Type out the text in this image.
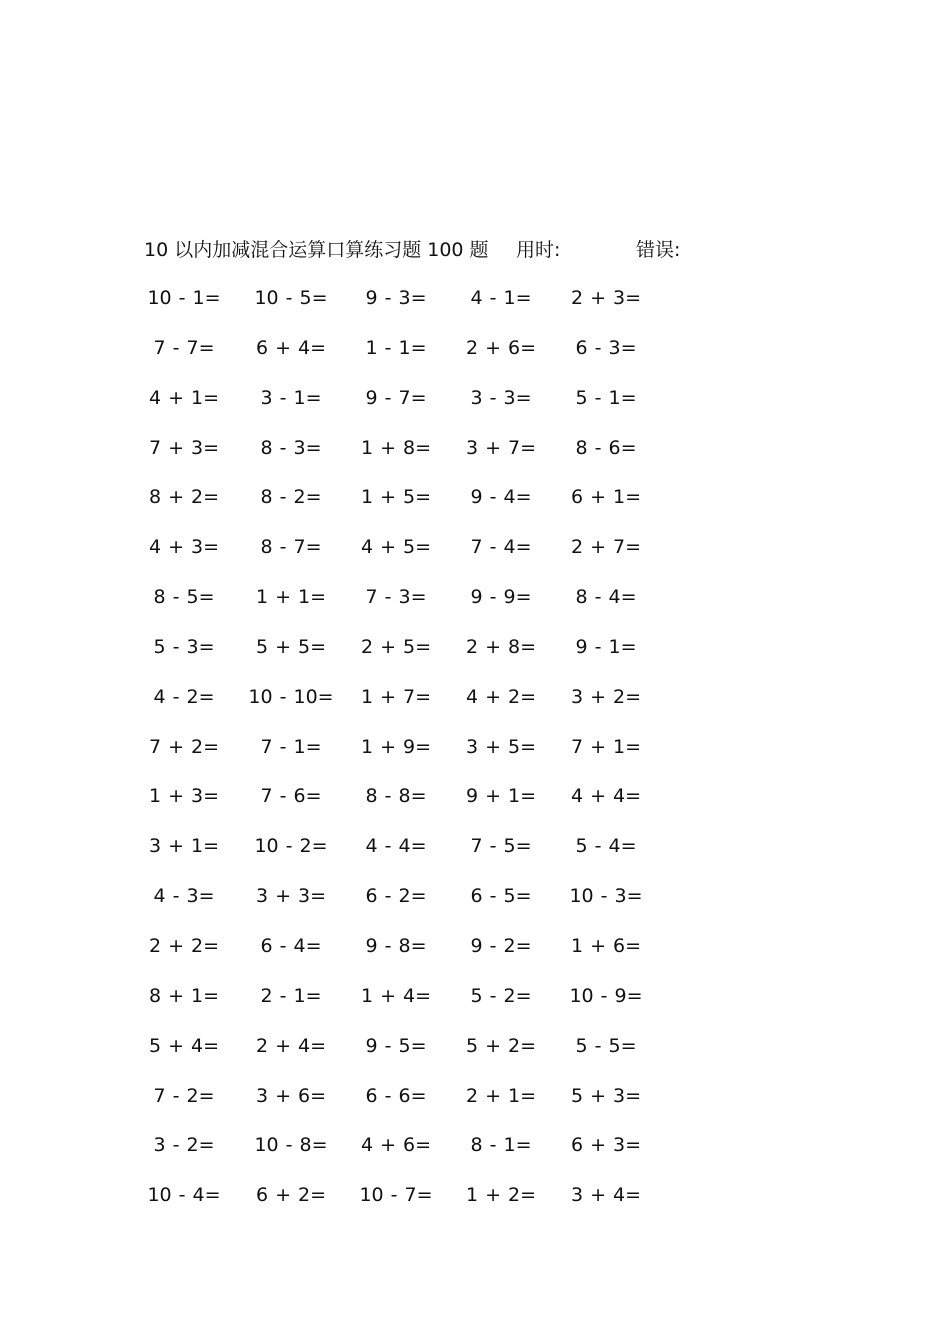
10 以内加减混合运算口算练习题 100 题 用时:	错误:
10 - 1= 10 - 5= 9 - 3= 4 - 1= 2 + 3=
7 - 7= 6 + 4= 1 - 1= 2 + 6= 6 - 3=
4 + 1= 3 - 1= 9 - 7= 3 - 3= 5 - 1=
7 + 3= 8 - 3= 1 + 8= 3 + 7= 8 - 6=
8 + 2= 8 - 2= 1 + 5= 9 - 4= 6 + 1=
4 + 3= 8 - 7= 4 + 5= 7 - 4= 2 + 7=
8 - 5= 1 + 1= 7 - 3= 9 - 9= 8 - 4=
5 - 3= 5 + 5= 2 + 5= 2 + 8= 9 - 1=
4 - 2= 10 - 10= 1 + 7= 4 + 2= 3 + 2=
7 + 2= 7 - 1= 1 + 9= 3 + 5= 7 + 1=
1 + 3= 7 - 6= 8 - 8= 9 + 1= 4 + 4=
3 + 1= 10 - 2= 4 - 4= 7 - 5= 5 - 4=
4 - 3= 3 + 3= 6 - 2= 6 - 5= 10 - 3=
2 + 2= 6 - 4= 9 - 8= 9 - 2= 1 + 6=
8 + 1= 2 - 1= 1 + 4= 5 - 2= 10 - 9=
5 + 4= 2 + 4= 9 - 5= 5 + 2= 5 - 5=
7 - 2= 3 + 6= 6 - 6= 2 + 1= 5 + 3=
3 - 2= 10 - 8= 4 + 6= 8 - 1= 6 + 3=
10 - 4= 6 + 2= 10 - 7= 1 + 2= 3 + 4=
